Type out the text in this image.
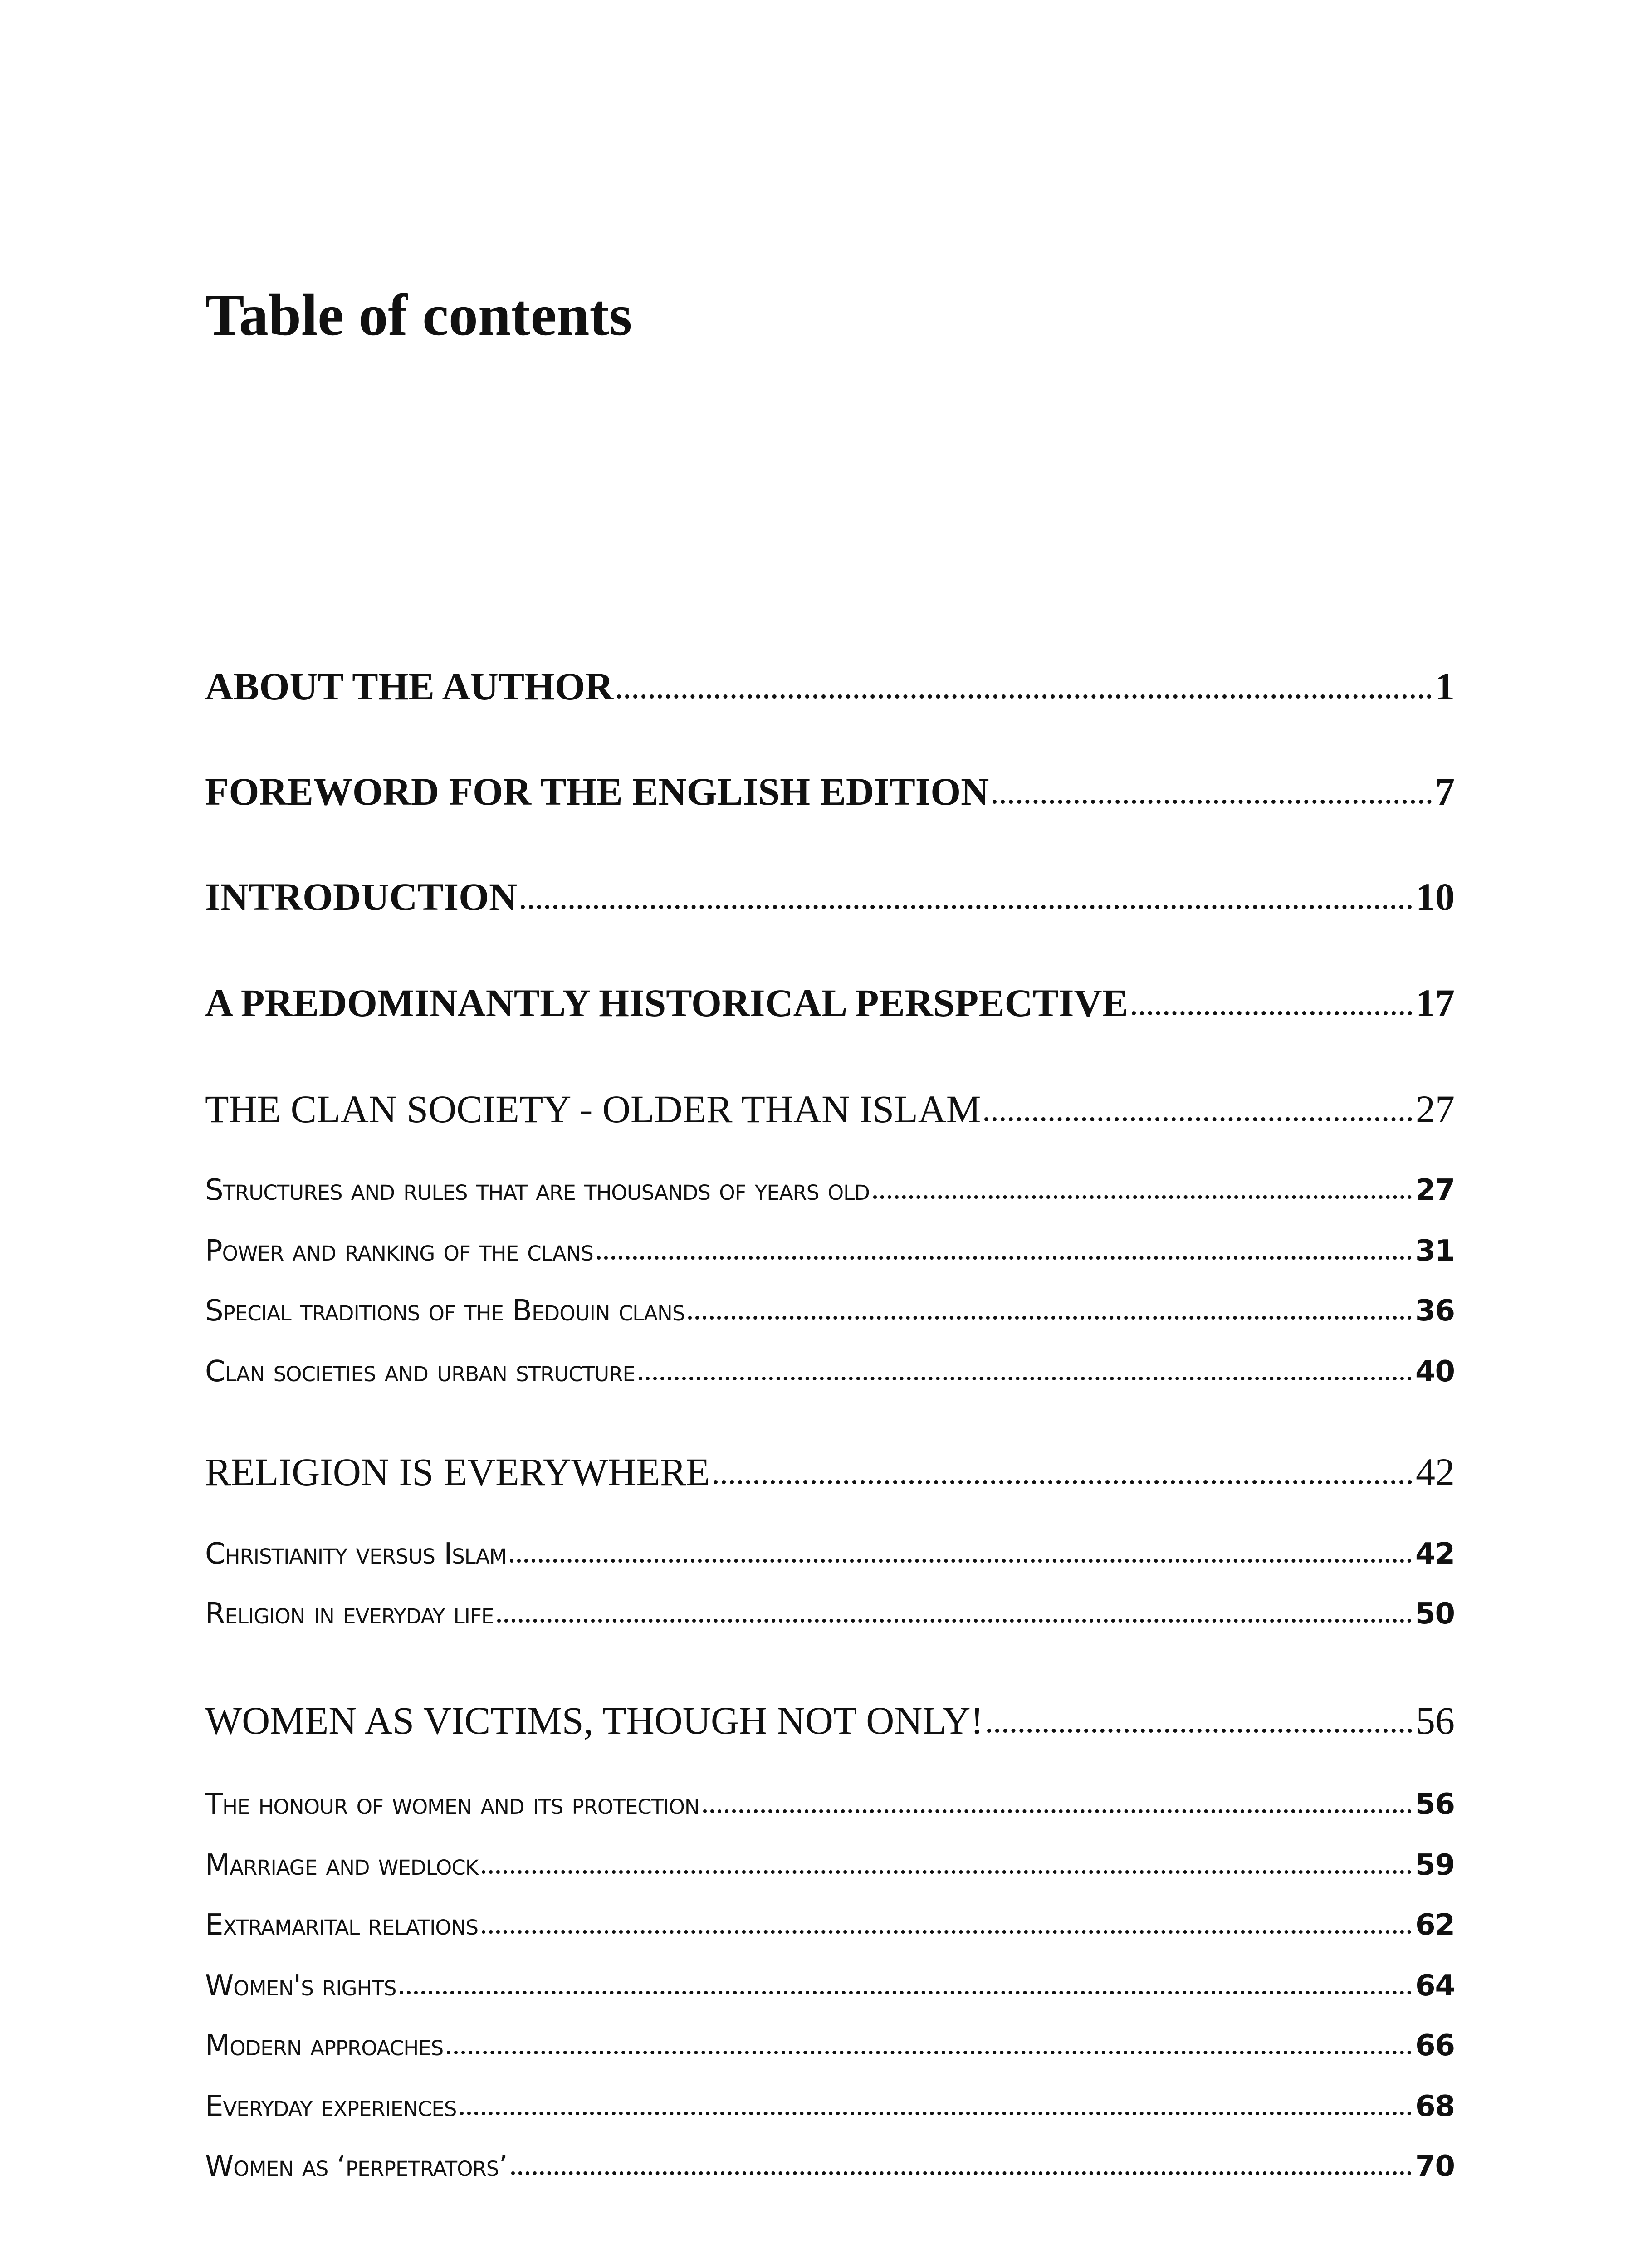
Table of contents
ABOUT THE AUTHOR	1
FOREWORD FOR THE ENGLISH EDITION	7
INTRODUCTION	10
A PREDOMINANTLY HISTORICAL PERSPECTIVE	17
THE CLAN SOCIETY - OLDER THAN ISLAM	27
Structures and rules that are thousands of years old	27
Power and ranking of the clans	31
Special traditions of the Bedouin clans	36
Clan societies and urban structure	40
RELIGION IS EVERYWHERE	42
Christianity versus Islam	42
Religion in everyday life	50
WOMEN AS VICTIMS, THOUGH NOT ONLY!	56
The honour of women and its protection	56
Marriage and wedlock	59
Extramarital relations	62
Women's rights	64
Modern approaches	66
Everyday experiences	68
Women as ‘perpetrators’	70
